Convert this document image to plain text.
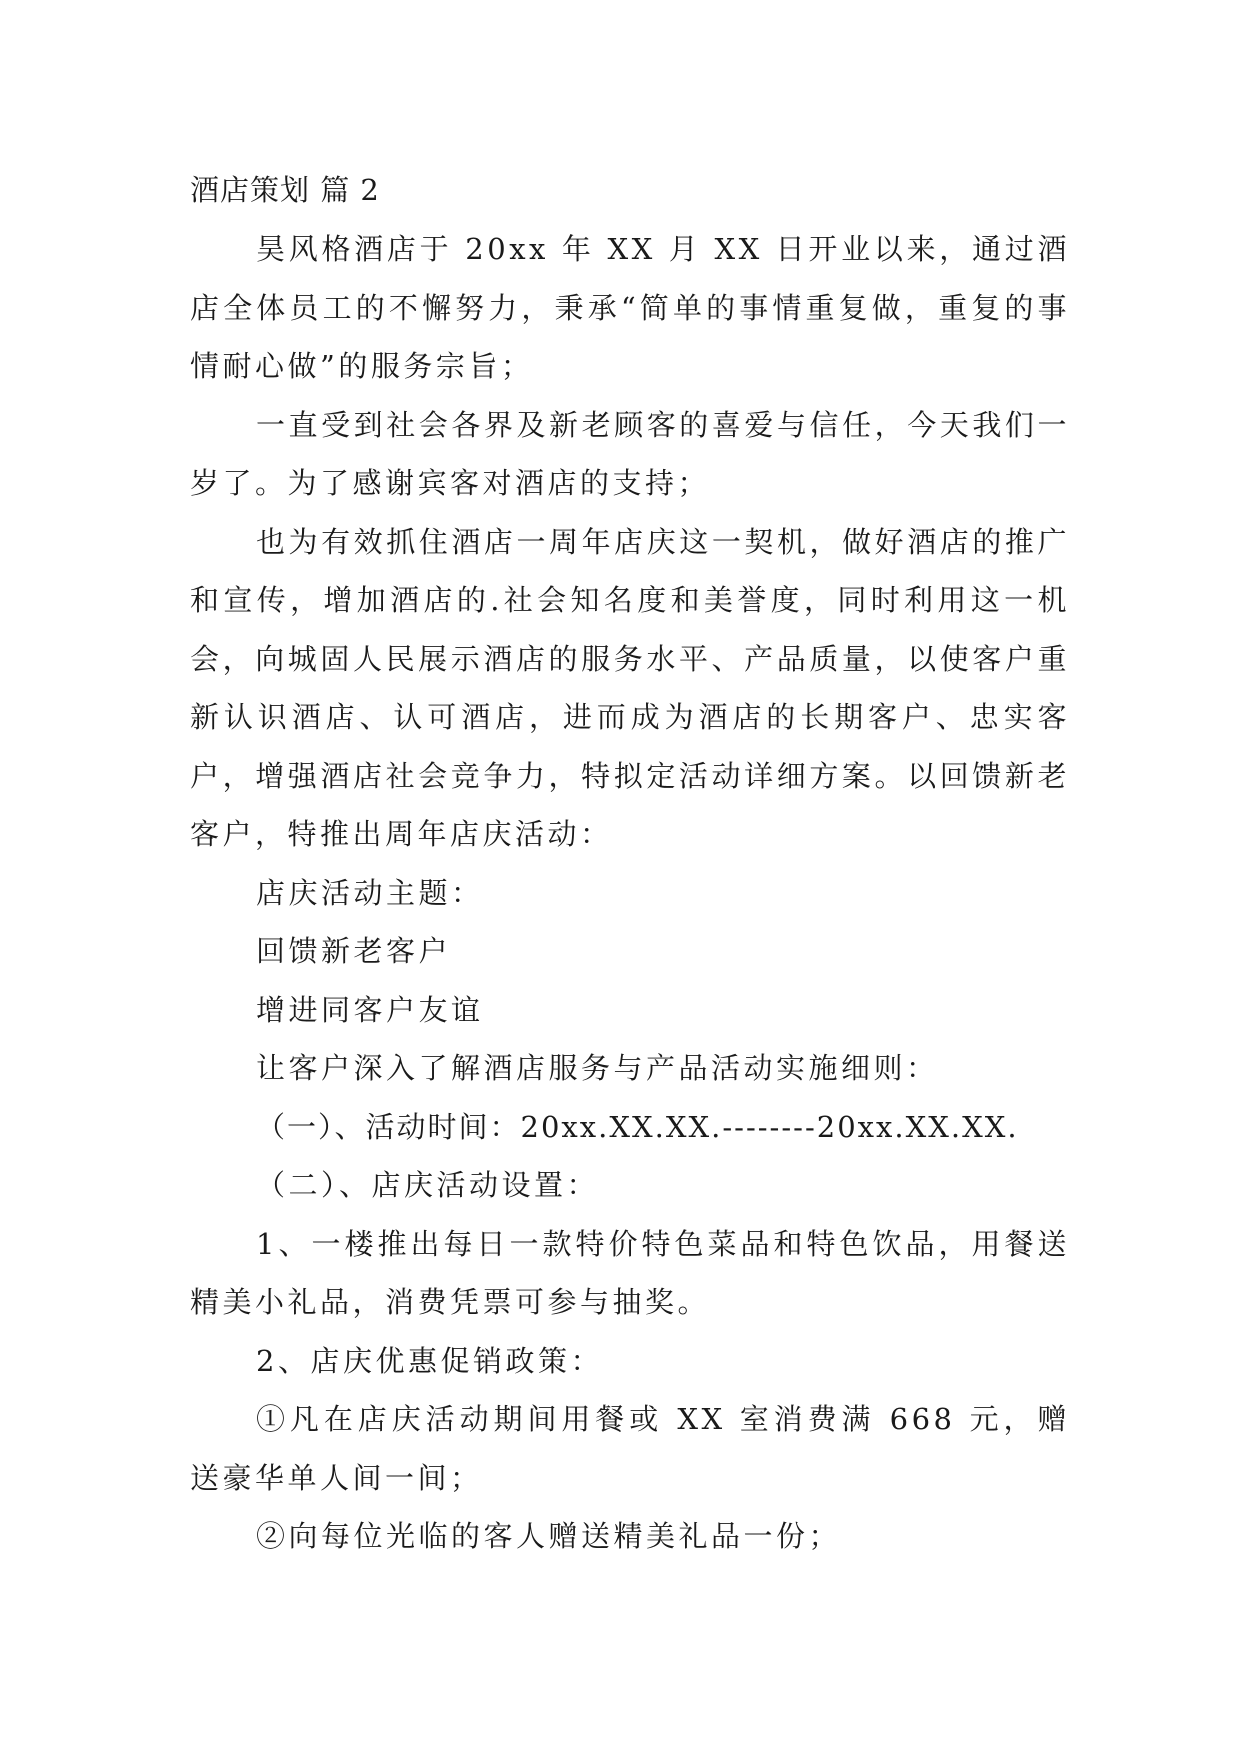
酒店策划 篇 2

昊风格酒店于 20xx 年 XX 月 XX 日开业以来，通过酒店全体员工的不懈努力，秉承“简单的事情重复做，重复的事情耐心做”的服务宗旨；

一直受到社会各界及新老顾客的喜爱与信任，今天我们一岁了。为了感谢宾客对酒店的支持；

也为有效抓住酒店一周年店庆这一契机，做好酒店的推广和宣传，增加酒店的.社会知名度和美誉度，同时利用这一机会，向城固人民展示酒店的服务水平、产品质量，以使客户重新认识酒店、认可酒店，进而成为酒店的长期客户、忠实客户，增强酒店社会竞争力，特拟定活动详细方案。以回馈新老客户，特推出周年店庆活动：

店庆活动主题：

回馈新老客户

增进同客户友谊

让客户深入了解酒店服务与产品活动实施细则：

（一）、活动时间：20xx.XX.XX.--------20xx.XX.XX.

（二）、店庆活动设置：

1、一楼推出每日一款特价特色菜品和特色饮品，用餐送精美小礼品，消费凭票可参与抽奖。

2、店庆优惠促销政策：

①凡在店庆活动期间用餐或 XX 室消费满 668 元，赠送豪华单人间一间；

②向每位光临的客人赠送精美礼品一份；
